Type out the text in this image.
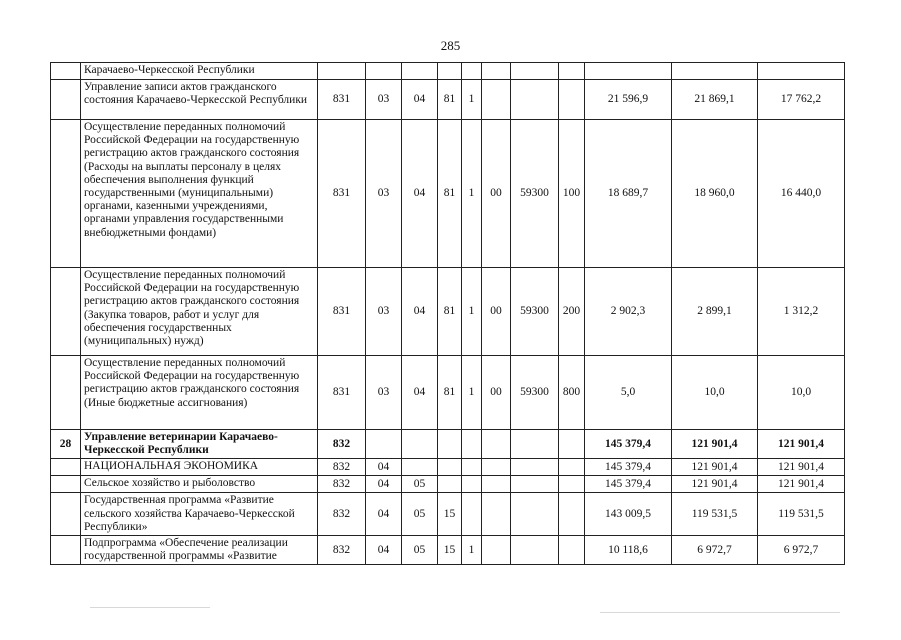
285
	Карачаево-Черкесской Республики											
	Управление записи актов гражданского состояния Карачаево-Черкесской Республики	831	03	04	81	1				21 596,9	21 869,1	17 762,2
	Осуществление переданных полномочий Российской Федерации на государственную регистрацию актов гражданского состояния (Расходы на выплаты персоналу в целях обеспечения выполнения функций государственными (муниципальными) органами, казенными учреждениями, органами управления государственными внебюджетными фондами)	831	03	04	81	1	00	59300	100	18 689,7	18 960,0	16 440,0
	Осуществление переданных полномочий Российской Федерации на государственную регистрацию актов гражданского состояния (Закупка товаров, работ и услуг для обеспечения государственных (муниципальных) нужд)	831	03	04	81	1	00	59300	200	2 902,3	2 899,1	1 312,2
	Осуществление переданных полномочий Российской Федерации на государственную регистрацию актов гражданского состояния (Иные бюджетные ассигнования)	831	03	04	81	1	00	59300	800	5,0	10,0	10,0
28	Управление ветеринарии Карачаево-Черкесской Республики	832								145 379,4	121 901,4	121 901,4
	НАЦИОНАЛЬНАЯ ЭКОНОМИКА	832	04							145 379,4	121 901,4	121 901,4
	Сельское хозяйство и рыболовство	832	04	05						145 379,4	121 901,4	121 901,4
	Государственная программа «Развитие сельского хозяйства Карачаево-Черкесской Республики»	832	04	05	15					143 009,5	119 531,5	119 531,5
	Подпрограмма «Обеспечение реализации государственной программы «Развитие	832	04	05	15	1				10 118,6	6 972,7	6 972,7
